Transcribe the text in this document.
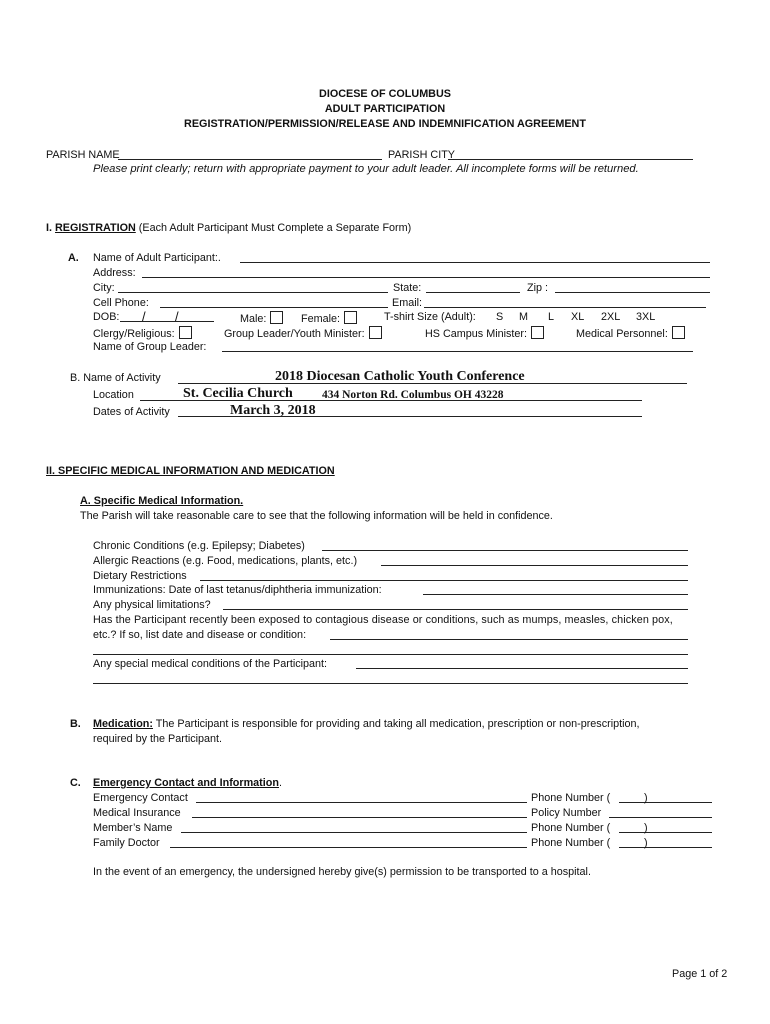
DIOCESE OF COLUMBUS
ADULT PARTICIPATION
REGISTRATION/PERMISSION/RELEASE AND INDEMNIFICATION AGREEMENT
PARISH NAME	PARISH CITY
Please print clearly; return with appropriate payment to your adult leader. All incomplete forms will be returned.
I. REGISTRATION (Each Adult Participant Must Complete a Separate Form)
A. Name of Adult Participant:.
Address:
City:	State:	Zip :
Cell Phone:	Email:
DOB: / /	Male:	Female:	T-shirt Size (Adult): S M L XL 2XL 3XL
Clergy/Religious:	Group Leader/Youth Minister:	HS Campus Minister:	Medical Personnel:
Name of Group Leader:
B. Name of Activity	2018 Diocesan Catholic Youth Conference
Location	St. Cecilia Church	434 Norton Rd. Columbus OH 43228
Dates of Activity	March 3, 2018
II. SPECIFIC MEDICAL INFORMATION AND MEDICATION
A. Specific Medical Information.
The Parish will take reasonable care to see that the following information will be held in confidence.
Chronic Conditions (e.g. Epilepsy; Diabetes)
Allergic Reactions (e.g. Food, medications, plants, etc.)
Dietary Restrictions
Immunizations: Date of last tetanus/diphtheria immunization:
Any physical limitations?
Has the Participant recently been exposed to contagious disease or conditions, such as mumps, measles, chicken pox,
etc.? If so, list date and disease or condition:
Any special medical conditions of the Participant:
B. Medication: The Participant is responsible for providing and taking all medication, prescription or non-prescription,
required by the Participant.
C. Emergency Contact and Information.
Emergency Contact	Phone Number (	)
Medical Insurance	Policy Number
Member’s Name	Phone Number (	)
Family Doctor	Phone Number (	)
In the event of an emergency, the undersigned hereby give(s) permission to be transported to a hospital.
Page 1 of 2
